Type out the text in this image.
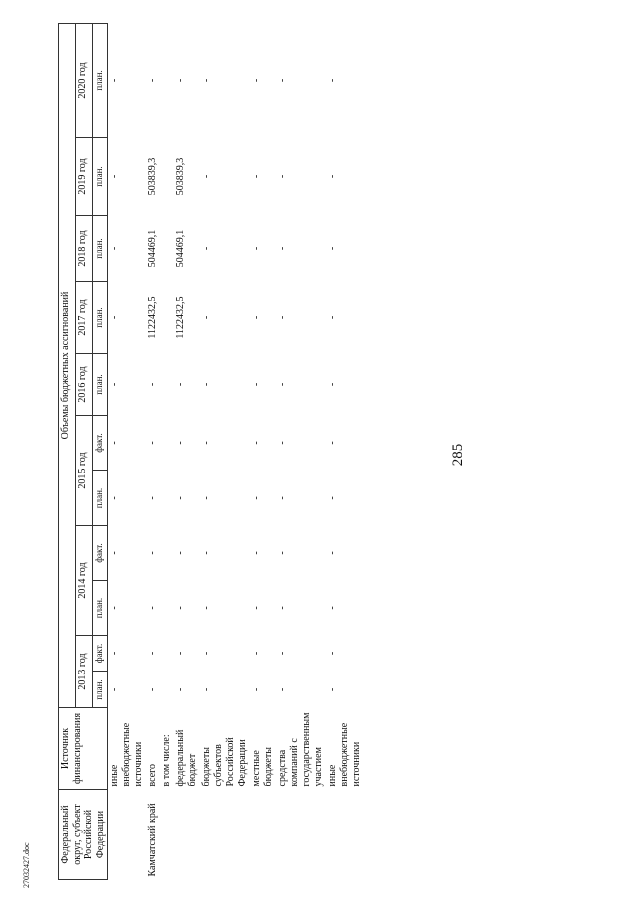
285
27032427.doc
Федеральный округ, субъект Российской Федерации	Источник финансирования	Объемы бюджетных ассигнований										
		2013 год		2014 год		2015 год		2016 год	2017 год	2018 год	2019 год	2020 год
		план.	факт.	план.	факт.	план.	факт.	план.	план.	план.	план.	план.
	иные внебюджетные источники	-	-	-	-	-	-	-	-	-	-	-
Камчатский край	всего	-	-	-	-	-	-	-	1122432,5	504469,1	503839,3	-
	в том числе:											
	федеральный бюджет	-	-	-	-	-	-	-	1122432,5	504469,1	503839,3	-
	бюджеты субъектов Российской Федерации	-	-	-	-	-	-	-	-	-	-	-
	местные бюджеты	-	-	-	-	-	-	-	-	-	-	-
	средства компаний с государственным участием	-	-	-	-	-	-	-	-	-	-	-
	иные внебюджетные источники	-	-	-	-	-	-	-	-	-	-	-
